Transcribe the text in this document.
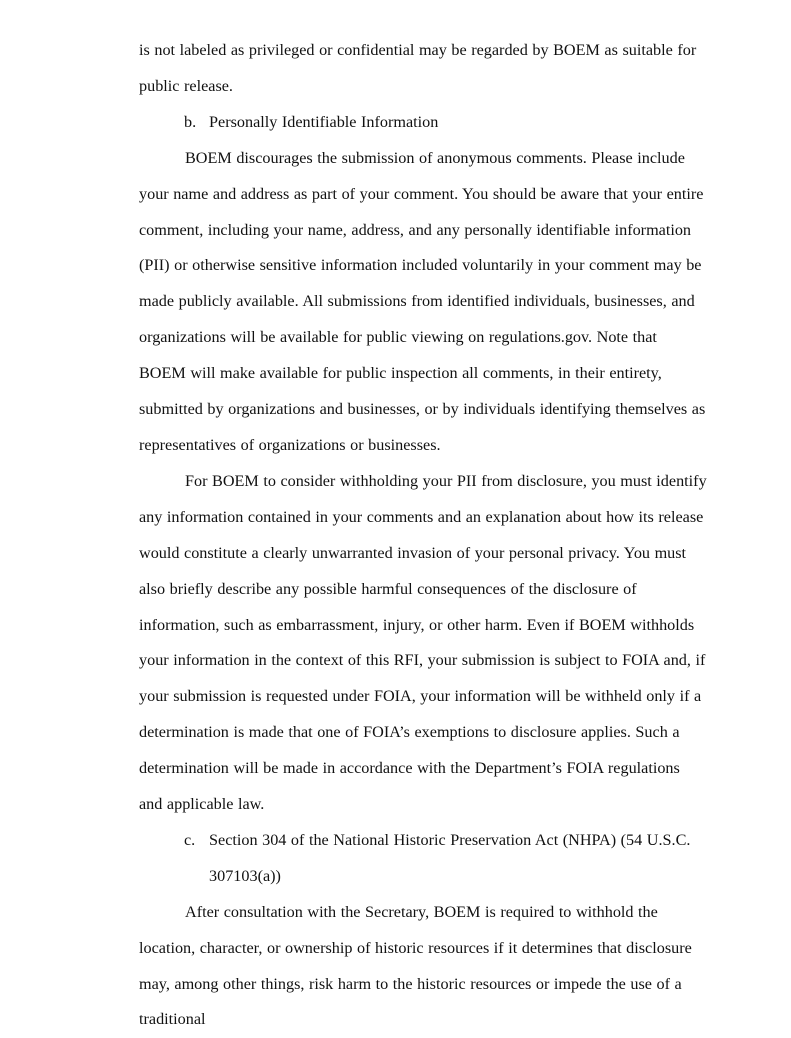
is not labeled as privileged or confidential may be regarded by BOEM as suitable for public release.

b. Personally Identifiable Information

BOEM discourages the submission of anonymous comments. Please include your name and address as part of your comment. You should be aware that your entire comment, including your name, address, and any personally identifiable information (PII) or otherwise sensitive information included voluntarily in your comment may be made publicly available. All submissions from identified individuals, businesses, and organizations will be available for public viewing on regulations.gov. Note that BOEM will make available for public inspection all comments, in their entirety, submitted by organizations and businesses, or by individuals identifying themselves as representatives of organizations or businesses.

For BOEM to consider withholding your PII from disclosure, you must identify any information contained in your comments and an explanation about how its release would constitute a clearly unwarranted invasion of your personal privacy. You must also briefly describe any possible harmful consequences of the disclosure of information, such as embarrassment, injury, or other harm. Even if BOEM withholds your information in the context of this RFI, your submission is subject to FOIA and, if your submission is requested under FOIA, your information will be withheld only if a determination is made that one of FOIA’s exemptions to disclosure applies. Such a determination will be made in accordance with the Department’s FOIA regulations and applicable law.

c. Section 304 of the National Historic Preservation Act (NHPA) (54 U.S.C. 307103(a))

After consultation with the Secretary, BOEM is required to withhold the location, character, or ownership of historic resources if it determines that disclosure may, among other things, risk harm to the historic resources or impede the use of a traditional
